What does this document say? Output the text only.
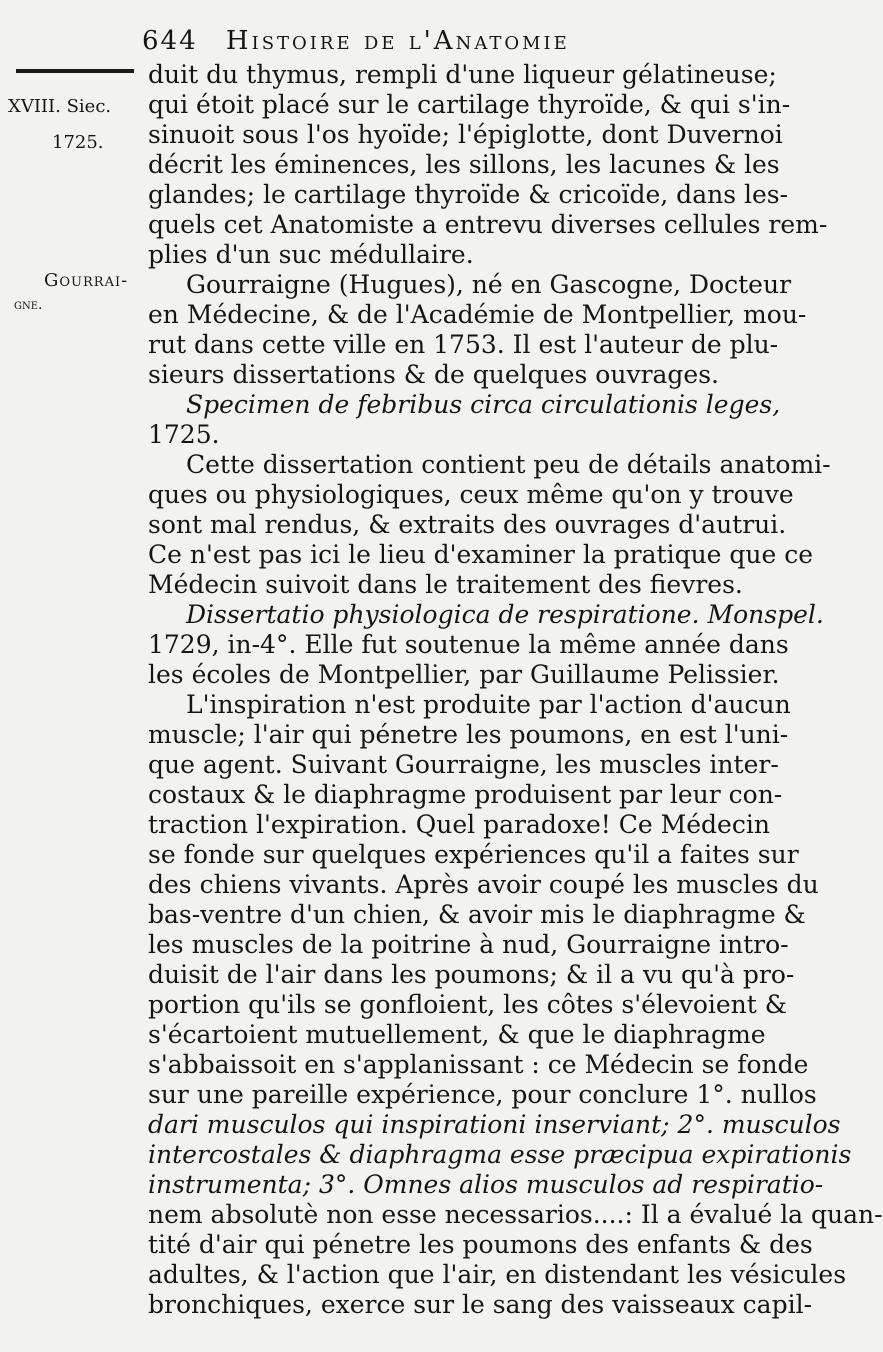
644 Histoire de l'Anatomie
XVIII. Siec.
1725.
Gourrai-
gne.
duit du thymus, rempli d'une liqueur gélatineuse;
qui étoit placé sur le cartilage thyroïde, & qui s'in-
sinuoit sous l'os hyoïde; l'épiglotte, dont Duvernoi
décrit les éminences, les sillons, les lacunes & les
glandes; le cartilage thyroïde & cricoïde, dans les-
quels cet Anatomiste a entrevu diverses cellules rem-
plies d'un suc médullaire.
Gourraigne (Hugues), né en Gascogne, Docteur
en Médecine, & de l'Académie de Montpellier, mou-
rut dans cette ville en 1753. Il est l'auteur de plu-
sieurs dissertations & de quelques ouvrages.
Specimen de febribus circa circulationis leges,
1725.
Cette dissertation contient peu de détails anatomi-
ques ou physiologiques, ceux même qu'on y trouve
sont mal rendus, & extraits des ouvrages d'autrui.
Ce n'est pas ici le lieu d'examiner la pratique que ce
Médecin suivoit dans le traitement des fievres.
Dissertatio physiologica de respiratione. Monspel.
1729, in-4°. Elle fut soutenue la même année dans
les écoles de Montpellier, par Guillaume Pelissier.
L'inspiration n'est produite par l'action d'aucun
muscle; l'air qui pénetre les poumons, en est l'uni-
que agent. Suivant Gourraigne, les muscles inter-
costaux & le diaphragme produisent par leur con-
traction l'expiration. Quel paradoxe! Ce Médecin
se fonde sur quelques expériences qu'il a faites sur
des chiens vivants. Après avoir coupé les muscles du
bas-ventre d'un chien, & avoir mis le diaphragme &
les muscles de la poitrine à nud, Gourraigne intro-
duisit de l'air dans les poumons; & il a vu qu'à pro-
portion qu'ils se gonfloient, les côtes s'élevoient &
s'écartoient mutuellement, & que le diaphragme
s'abbaissoit en s'applanissant : ce Médecin se fonde
sur une pareille expérience, pour conclure 1°. nullos
dari musculos qui inspirationi inserviant; 2°. musculos
intercostales & diaphragma esse præcipua expirationis
instrumenta; 3°. Omnes alios musculos ad respiratio-
nem absolutè non esse necessarios....: Il a évalué la quan-
tité d'air qui pénetre les poumons des enfants & des
adultes, & l'action que l'air, en distendant les vésicules
bronchiques, exerce sur le sang des vaisseaux capil-
